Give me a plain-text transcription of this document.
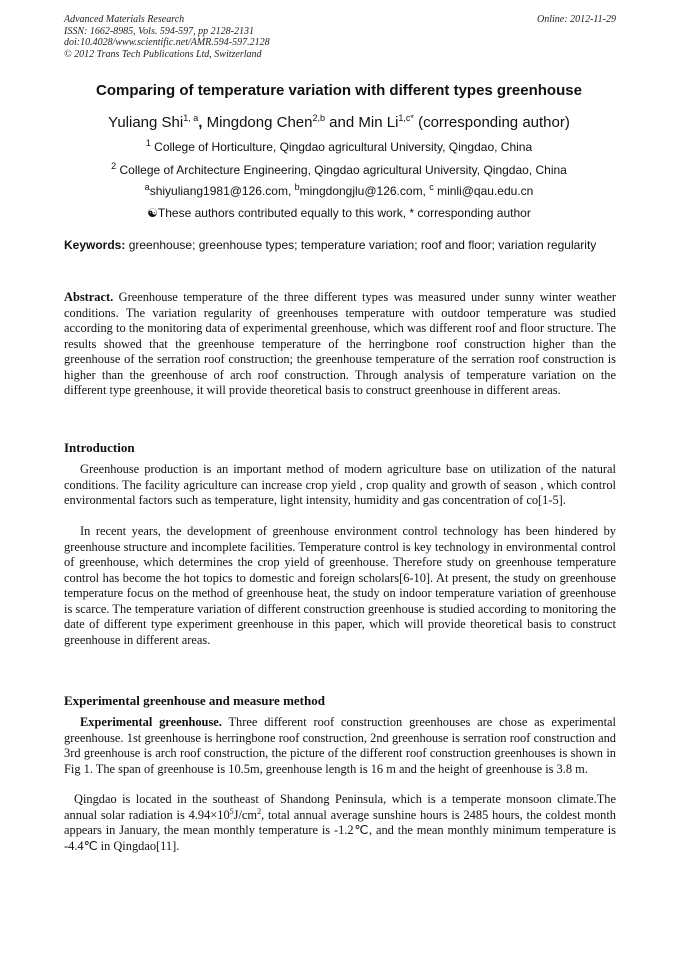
Advanced Materials Research
ISSN: 1662-8985, Vols. 594-597, pp 2128-2131
doi:10.4028/www.scientific.net/AMR.594-597.2128
© 2012 Trans Tech Publications Ltd, Switzerland
Online: 2012-11-29
Comparing of temperature variation with different types greenhouse
Yuliang Shi$^{1, a}$, Mingdong Chen$^{2,b}$ and Min $Li^{1,c*}$ (corresponding author)
$^1$ College of Horticulture, Qingdao agricultural University, Qingdao, China
$^2$ College of Architecture Engineering, Qingdao agricultural University, Qingdao, China
$^a$shiyuliang1981@126.com, $^b$mingdongjlu@126.com, $^c$ minli@qau.edu.cn
☯These authors contributed equally to this work, * corresponding author
Keywords: greenhouse; greenhouse types; temperature variation; roof and floor; variation regularity
Abstract. Greenhouse temperature of the three different types was measured under sunny winter weather conditions. The variation regularity of greenhouses temperature with outdoor temperature was studied according to the monitoring data of experimental greenhouse, which was different roof and floor structure. The results showed that the greenhouse temperature of the herringbone roof construction higher than the greenhouse of the serration roof construction; the greenhouse temperature of the serration roof construction is higher than the greenhouse of arch roof construction. Through analysis of temperature variation on the different type greenhouse, it will provide theoretical basis to construct greenhouse in different areas.
Introduction
Greenhouse production is an important method of modern agriculture base on utilization of the natural conditions. The facility agriculture can increase crop yield , crop quality and growth of season , which control environmental factors such as temperature, light intensity, humidity and gas concentration of co[1-5].
In recent years, the development of greenhouse environment control technology has been hindered by greenhouse structure and incomplete facilities. Temperature control is key technology in environmental control of greenhouse, which determines the crop yield of greenhouse. Therefore study on greenhouse temperature control has become the hot topics to domestic and foreign scholars[6-10]. At present, the study on greenhouse temperature focus on the method of greenhouse heat, the study on indoor temperature variation of greenhouse is scarce. The temperature variation of different construction greenhouse is studied according to monitoring the date of different type experiment greenhouse in this paper, which will provide theoretical basis to construct greenhouse in different areas.
Experimental greenhouse and measure method
Experimental greenhouse. Three different roof construction greenhouses are chose as experimental greenhouse. 1st greenhouse is herringbone roof construction, 2nd greenhouse is serration roof construction and 3rd greenhouse is arch roof construction, the picture of the different roof construction greenhouses is shown in Fig 1. The span of greenhouse is 10.5m, greenhouse length is 16 m and the height of greenhouse is 3.8 m.
Qingdao is located in the southeast of Shandong Peninsula, which is a temperate monsoon climate.The annual solar radiation is $4.94\times 10^5J/cm^2$, total annual average sunshine hours is 2485 hours, the coldest month appears in January, the mean monthly temperature is -1.2℃, and the mean monthly minimum temperature is -4.4℃ in Qingdao[11].
